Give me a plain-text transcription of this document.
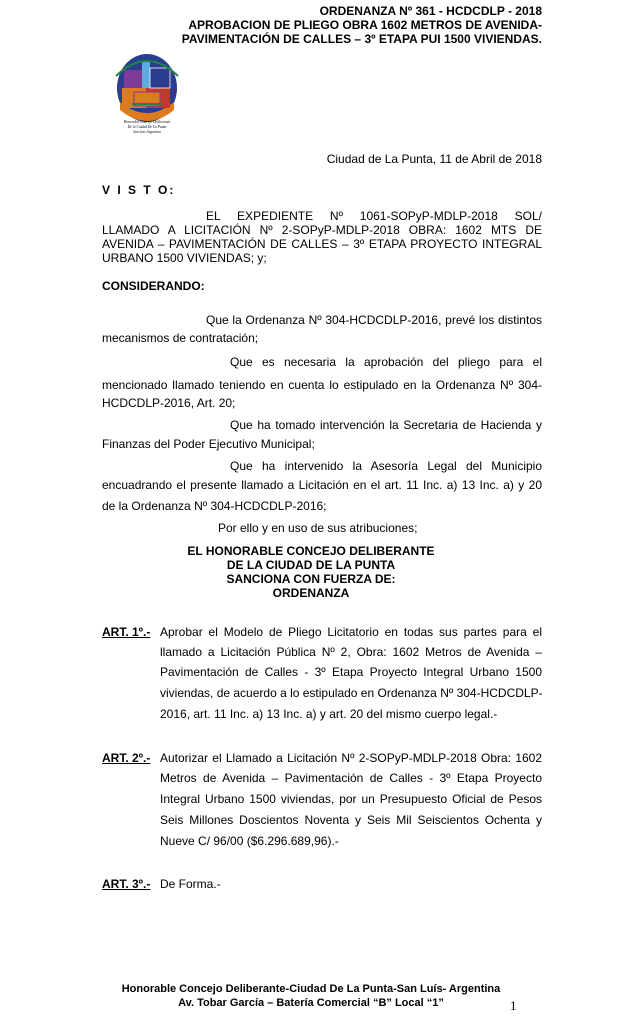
ORDENANZA Nº 361 - HCDCDLP - 2018
APROBACION DE PLIEGO OBRA 1602 METROS DE AVENIDA-
PAVIMENTACIÓN DE CALLES – 3º ETAPA PUI 1500 VIVIENDAS.
Honorable Concejo Deliberante
De la Ciudad De La Punta
San Luis Argentina
Ciudad de La Punta, 11 de Abril de 2018
V I S T O:
EL EXPEDIENTE Nº 1061-SOPyP-MDLP-2018 SOL/
LLAMADO A LICITACIÓN Nº 2-SOPyP-MDLP-2018 OBRA: 1602 MTS DE
AVENIDA – PAVIMENTACIÓN DE CALLES – 3º ETAPA PROYECTO INTEGRAL
URBANO 1500 VIVIENDAS; y;
CONSIDERANDO:
Que la Ordenanza Nº 304-HCDCDLP-2016, prevé los distintos
mecanismos de contratación;
Que es necesaria la aprobación del pliego para el
mencionado llamado teniendo en cuenta lo estipulado en la Ordenanza Nº 304-
HCDCDLP-2016, Art. 20;
Que ha tomado intervención la Secretaria de Hacienda y
Finanzas del Poder Ejecutivo Municipal;
Que ha intervenido la Asesoría Legal del Municipio
encuadrando el presente llamado a Licitación en el art. 11 Inc. a) 13 Inc. a) y 20
de la Ordenanza Nº 304-HCDCDLP-2016;
Por ello y en uso de sus atribuciones;
EL HONORABLE CONCEJO DELIBERANTE
DE LA CIUDAD DE LA PUNTA
SANCIONA CON FUERZA DE:
ORDENANZA
ART. 1º.- Aprobar el Modelo de Pliego Licitatorio en todas sus partes para el
llamado a Licitación Pública Nº 2, Obra: 1602 Metros de Avenida –
Pavimentación de Calles - 3º Etapa Proyecto Integral Urbano 1500
viviendas, de acuerdo a lo estipulado en Ordenanza Nº 304-HCDCDLP-
2016, art. 11 Inc. a) 13 Inc. a) y art. 20 del mismo cuerpo legal.-
ART. 2º.- Autorizar el Llamado a Licitación Nº 2-SOPyP-MDLP-2018 Obra: 1602
Metros de Avenida – Pavimentación de Calles - 3º Etapa Proyecto
Integral Urbano 1500 viviendas, por un Presupuesto Oficial de Pesos
Seis Millones Doscientos Noventa y Seis Mil Seiscientos Ochenta y
Nueve C/ 96/00 ($6.296.689,96).-
ART. 3º.- De Forma.-
Honorable Concejo Deliberante-Ciudad De La Punta-San Luís- Argentina
Av. Tobar García – Batería Comercial “B” Local “1”	1
